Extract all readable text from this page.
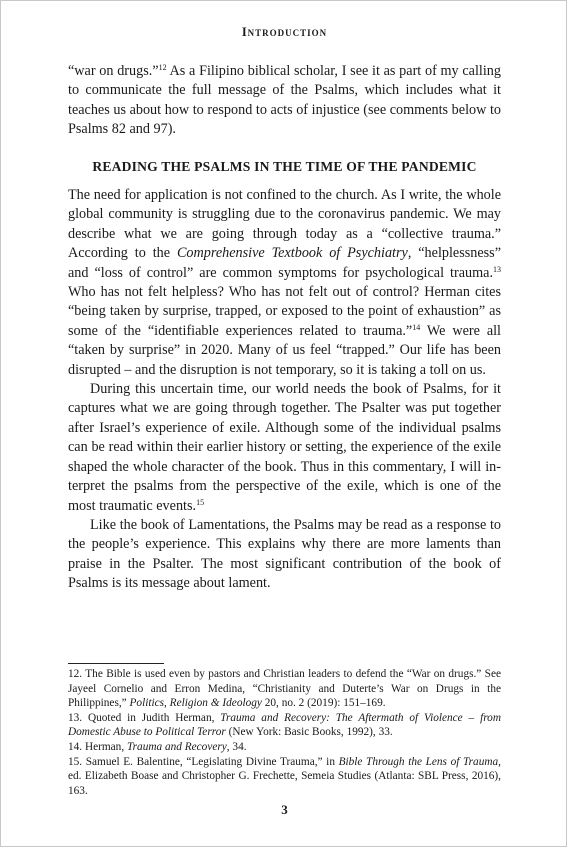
Introduction

“war on drugs.”$^{12}$ As a Filipino biblical scholar, I see it as part of my calling to communicate the full message of the Psalms, which includes what it teaches us about how to respond to acts of injustice (see comments below to Psalms 82 and 97).

READING THE PSALMS IN THE TIME OF THE PANDEMIC

The need for application is not confined to the church. As I write, the whole global community is struggling due to the coronavirus pandemic. We may describe what we are going through today as a “collective trauma.” According to the Comprehensive Textbook of Psychiatry, “helplessness” and “loss of control” are common symptoms for psychological trauma.$^{13}$ Who has not felt helpless? Who has not felt out of control? Herman cites “being taken by surprise, trapped, or exposed to the point of exhaustion” as some of the “identifiable experiences related to trauma.”$^{14}$ We were all “taken by surprise” in 2020. Many of us feel “trapped.” Our life has been disrupted – and the disruption is not temporary, so it is taking a toll on us.

During this uncertain time, our world needs the book of Psalms, for it captures what we are going through together. The Psalter was put together after Israel’s experience of exile. Although some of the individual psalms can be read within their earlier history or setting, the experience of the exile shaped the whole character of the book. Thus in this commentary, I will interpret the psalms from the perspective of the exile, which is one of the most traumatic events.$^{15}$

Like the book of Lamentations, the Psalms may be read as a response to the people’s experience. This explains why there are more laments than praise in the Psalter. The most significant contribution of the book of Psalms is its message about lament.

12. The Bible is used even by pastors and Christian leaders to defend the “War on drugs.” See Jayeel Cornelio and Erron Medina, “Christianity and Duterte’s War on Drugs in the Philippines,” Politics, Religion & Ideology 20, no. 2 (2019): 151–169.

13. Quoted in Judith Herman, Trauma and Recovery: The Aftermath of Violence – from Domestic Abuse to Political Terror (New York: Basic Books, 1992), 33.

14. Herman, Trauma and Recovery, 34.

15. Samuel E. Balentine, “Legislating Divine Trauma,” in Bible Through the Lens of Trauma, ed. Elizabeth Boase and Christopher G. Frechette, Semeia Studies (Atlanta: SBL Press, 2016), 163.

3
